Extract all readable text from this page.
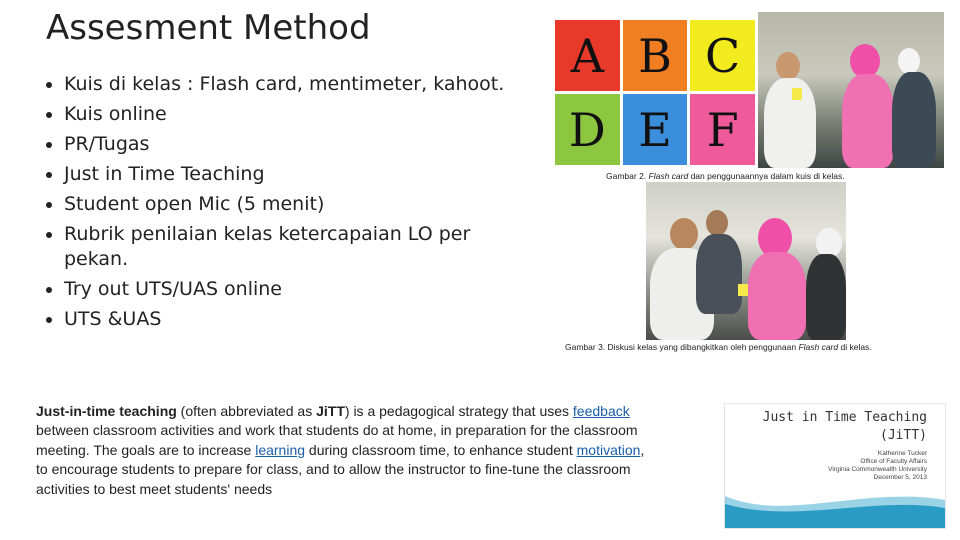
Assesment Method
• Kuis di kelas : Flash card, mentimeter, kahoot.
• Kuis online
• PR/Tugas
• Just in Time Teaching
• Student open Mic (5 menit)
• Rubrik penilaian kelas ketercapaian LO per pekan.
• Try out UTS/UAS online
• UTS &UAS
Just-in-time teaching (often abbreviated as JiTT) is a pedagogical strategy that uses feedback between classroom activities and work that students do at home, in preparation for the classroom meeting. The goals are to increase learning during classroom time, to enhance student motivation, to encourage students to prepare for class, and to allow the instructor to fine-tune the classroom activities to best meet students' needs
A B C
D E F
Gambar 2. Flash card dan penggunaannya dalam kuis di kelas.
Gambar 3. Diskusi kelas yang dibangkitkan oleh penggunaan Flash card di kelas.
Just in Time Teaching
(JiTT)
Katherine Tucker
Office of Faculty Affairs
Virginia Commonwealth University
December 5, 2013
